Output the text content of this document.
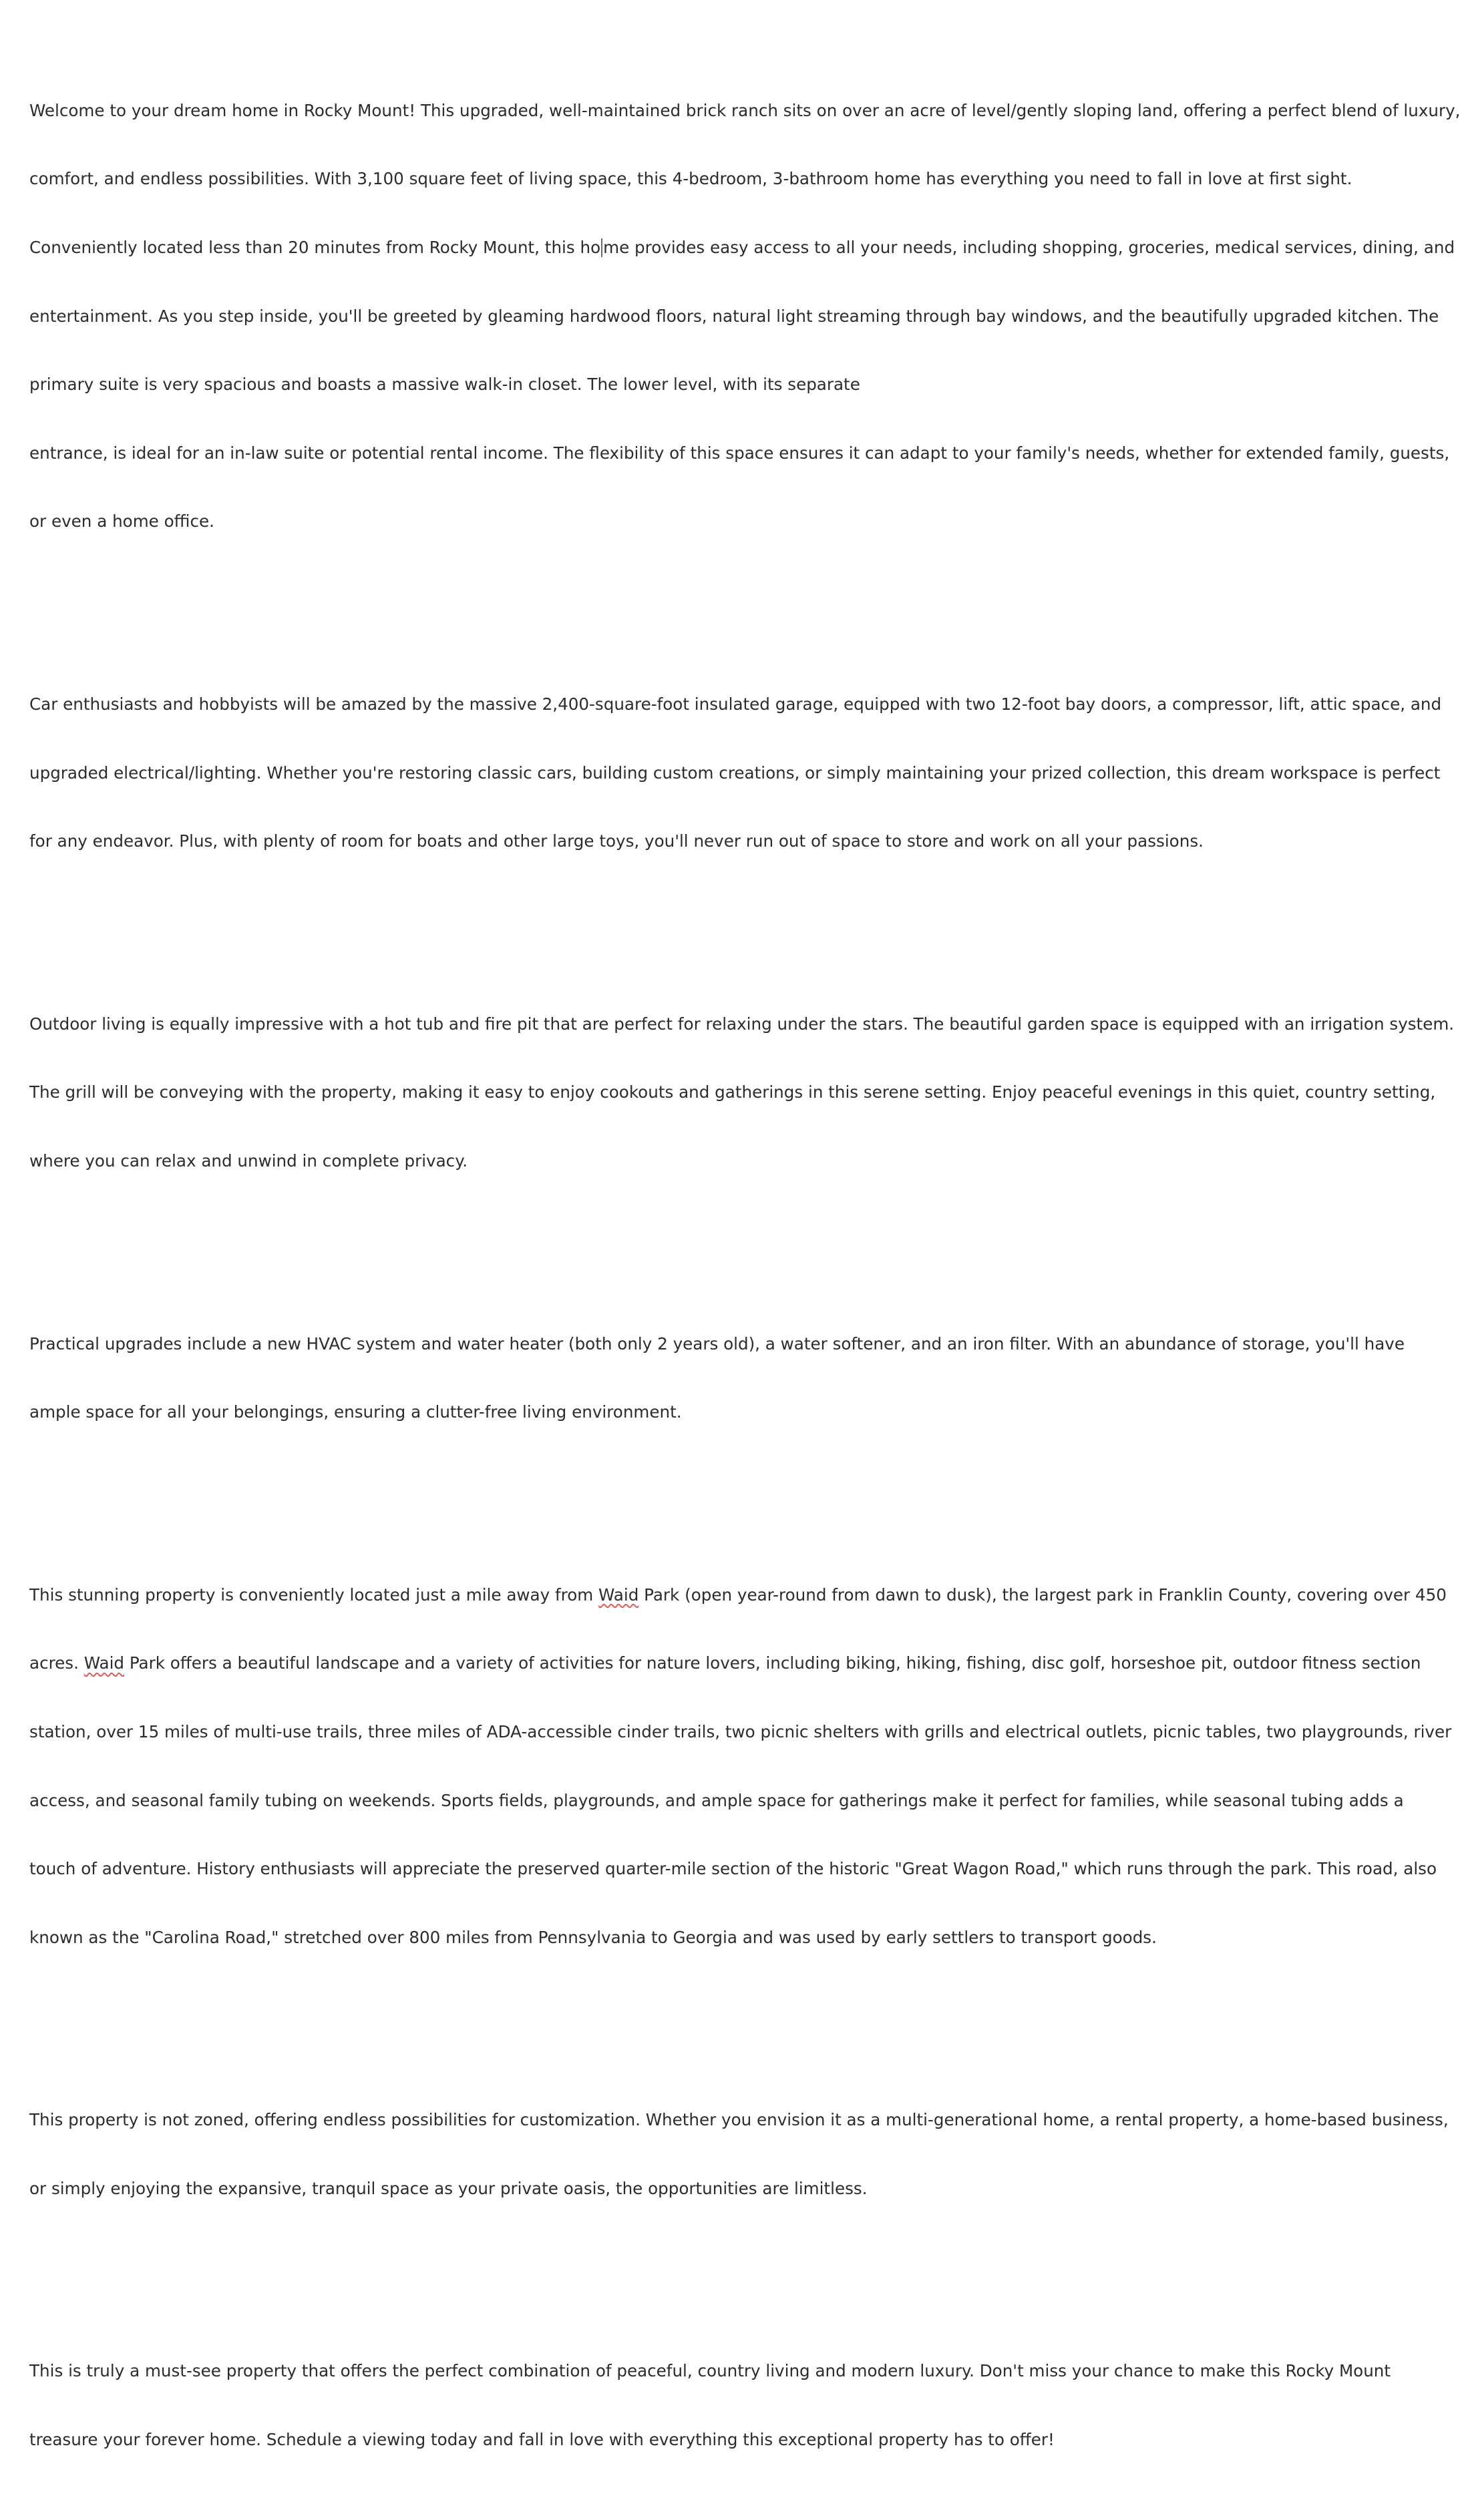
Welcome to your dream home in Rocky Mount! This upgraded, well-maintained brick ranch sits on over an acre of level/gently sloping land, offering a perfect blend of luxury,

comfort, and endless possibilities. With 3,100 square feet of living space, this 4-bedroom, 3-bathroom home has everything you need to fall in love at first sight.

Conveniently located less than 20 minutes from Rocky Mount, this ho me provides easy access to all your needs, including shopping, groceries, medical services, dining, and

entertainment. As you step inside, you'll be greeted by gleaming hardwood floors, natural light streaming through bay windows, and the beautifully upgraded kitchen. The

primary suite is very spacious and boasts a massive walk-in closet. The lower level, with its separate

entrance, is ideal for an in-law suite or potential rental income. The flexibility of this space ensures it can adapt to your family's needs, whether for extended family, guests,

or even a home office.

Car enthusiasts and hobbyists will be amazed by the massive 2,400-square-foot insulated garage, equipped with two 12-foot bay doors, a compressor, lift, attic space, and

upgraded electrical/lighting. Whether you're restoring classic cars, building custom creations, or simply maintaining your prized collection, this dream workspace is perfect

for any endeavor. Plus, with plenty of room for boats and other large toys, you'll never run out of space to store and work on all your passions.

Outdoor living is equally impressive with a hot tub and fire pit that are perfect for relaxing under the stars. The beautiful garden space is equipped with an irrigation system.

The grill will be conveying with the property, making it easy to enjoy cookouts and gatherings in this serene setting. Enjoy peaceful evenings in this quiet, country setting,

where you can relax and unwind in complete privacy.

Practical upgrades include a new HVAC system and water heater (both only 2 years old), a water softener, and an iron filter. With an abundance of storage, you'll have

ample space for all your belongings, ensuring a clutter-free living environment.

This stunning property is conveniently located just a mile away from Waid Park (open year-round from dawn to dusk), the largest park in Franklin County, covering over 450

acres. Waid Park offers a beautiful landscape and a variety of activities for nature lovers, including biking, hiking, fishing, disc golf, horseshoe pit, outdoor fitness section

station, over 15 miles of multi-use trails, three miles of ADA-accessible cinder trails, two picnic shelters with grills and electrical outlets, picnic tables, two playgrounds, river

access, and seasonal family tubing on weekends. Sports fields, playgrounds, and ample space for gatherings make it perfect for families, while seasonal tubing adds a

touch of adventure. History enthusiasts will appreciate the preserved quarter-mile section of the historic "Great Wagon Road," which runs through the park. This road, also

known as the "Carolina Road," stretched over 800 miles from Pennsylvania to Georgia and was used by early settlers to transport goods.

This property is not zoned, offering endless possibilities for customization. Whether you envision it as a multi-generational home, a rental property, a home-based business,

or simply enjoying the expansive, tranquil space as your private oasis, the opportunities are limitless.

This is truly a must-see property that offers the perfect combination of peaceful, country living and modern luxury. Don't miss your chance to make this Rocky Mount

treasure your forever home. Schedule a viewing today and fall in love with everything this exceptional property has to offer!
